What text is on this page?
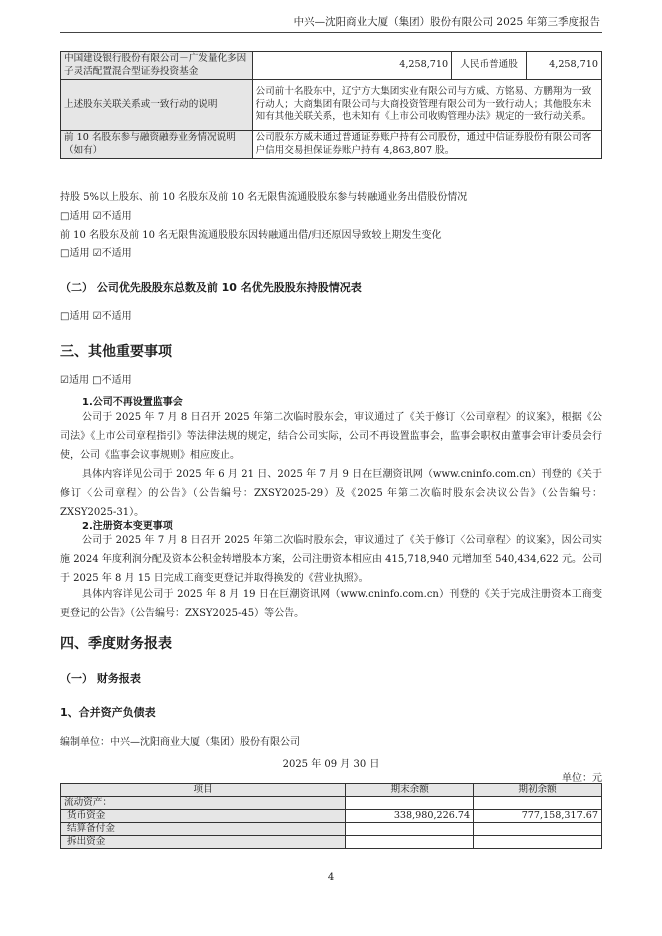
中兴—沈阳商业大厦（集团）股份有限公司 2025 年第三季度报告
中国建设银行股份有限公司－广发量化多因子灵活配置混合型证券投资基金	4,258,710	人民币普通股	4,258,710
上述股东关联关系或一致行动的说明	公司前十名股东中，辽宁方大集团实业有限公司与方威、方铭易、方鹏翔为一致行动人；大商集团有限公司与大商投资管理有限公司为一致行动人；其他股东未知有其他关联关系，也未知有《上市公司收购管理办法》规定的一致行动关系。		
前 10 名股东参与融资融券业务情况说明（如有）	公司股东方威未通过普通证券账户持有公司股份，通过中信证券股份有限公司客户信用交易担保证券账户持有 4,863,807 股。		
持股 5%以上股东、前 10 名股东及前 10 名无限售流通股股东参与转融通业务出借股份情况
□适用 ☑不适用
前 10 名股东及前 10 名无限售流通股股东因转融通出借/归还原因导致较上期发生变化
□适用 ☑不适用
（二） 公司优先股股东总数及前 10 名优先股股东持股情况表
□适用 ☑不适用
三、其他重要事项
☑适用 □不适用
1.公司不再设置监事会
公司于 2025 年 7 月 8 日召开 2025 年第二次临时股东会，审议通过了《关于修订〈公司章程〉的议案》，根据《公司法》《上市公司章程指引》等法律法规的规定，结合公司实际，公司不再设置监事会，监事会职权由董事会审计委员会行使，公司《监事会议事规则》相应废止。
具体内容详见公司于 2025 年 6 月 21 日、2025 年 7 月 9 日在巨潮资讯网（www.cninfo.com.cn）刊登的《关于修订〈公司章程〉的公告》（公告编号：ZXSY2025-29）及《2025 年第二次临时股东会决议公告》（公告编号：ZXSY2025-31）。
2.注册资本变更事项
公司于 2025 年 7 月 8 日召开 2025 年第二次临时股东会，审议通过了《关于修订〈公司章程〉的议案》，因公司实施 2024 年度利润分配及资本公积金转增股本方案，公司注册资本相应由 415,718,940 元增加至 540,434,622 元。公司于 2025 年 8 月 15 日完成工商变更登记并取得换发的《营业执照》。
具体内容详见公司于 2025 年 8 月 19 日在巨潮资讯网（www.cninfo.com.cn）刊登的《关于完成注册资本工商变更登记的公告》（公告编号：ZXSY2025-45）等公告。
四、季度财务报表
（一） 财务报表
1、合并资产负债表
编制单位：中兴—沈阳商业大厦（集团）股份有限公司
2025 年 09 月 30 日
单位：元
项目	期末余额	期初余额
流动资产：		
货币资金	338,980,226.74	777,158,317.67
结算备付金		
拆出资金		
4
